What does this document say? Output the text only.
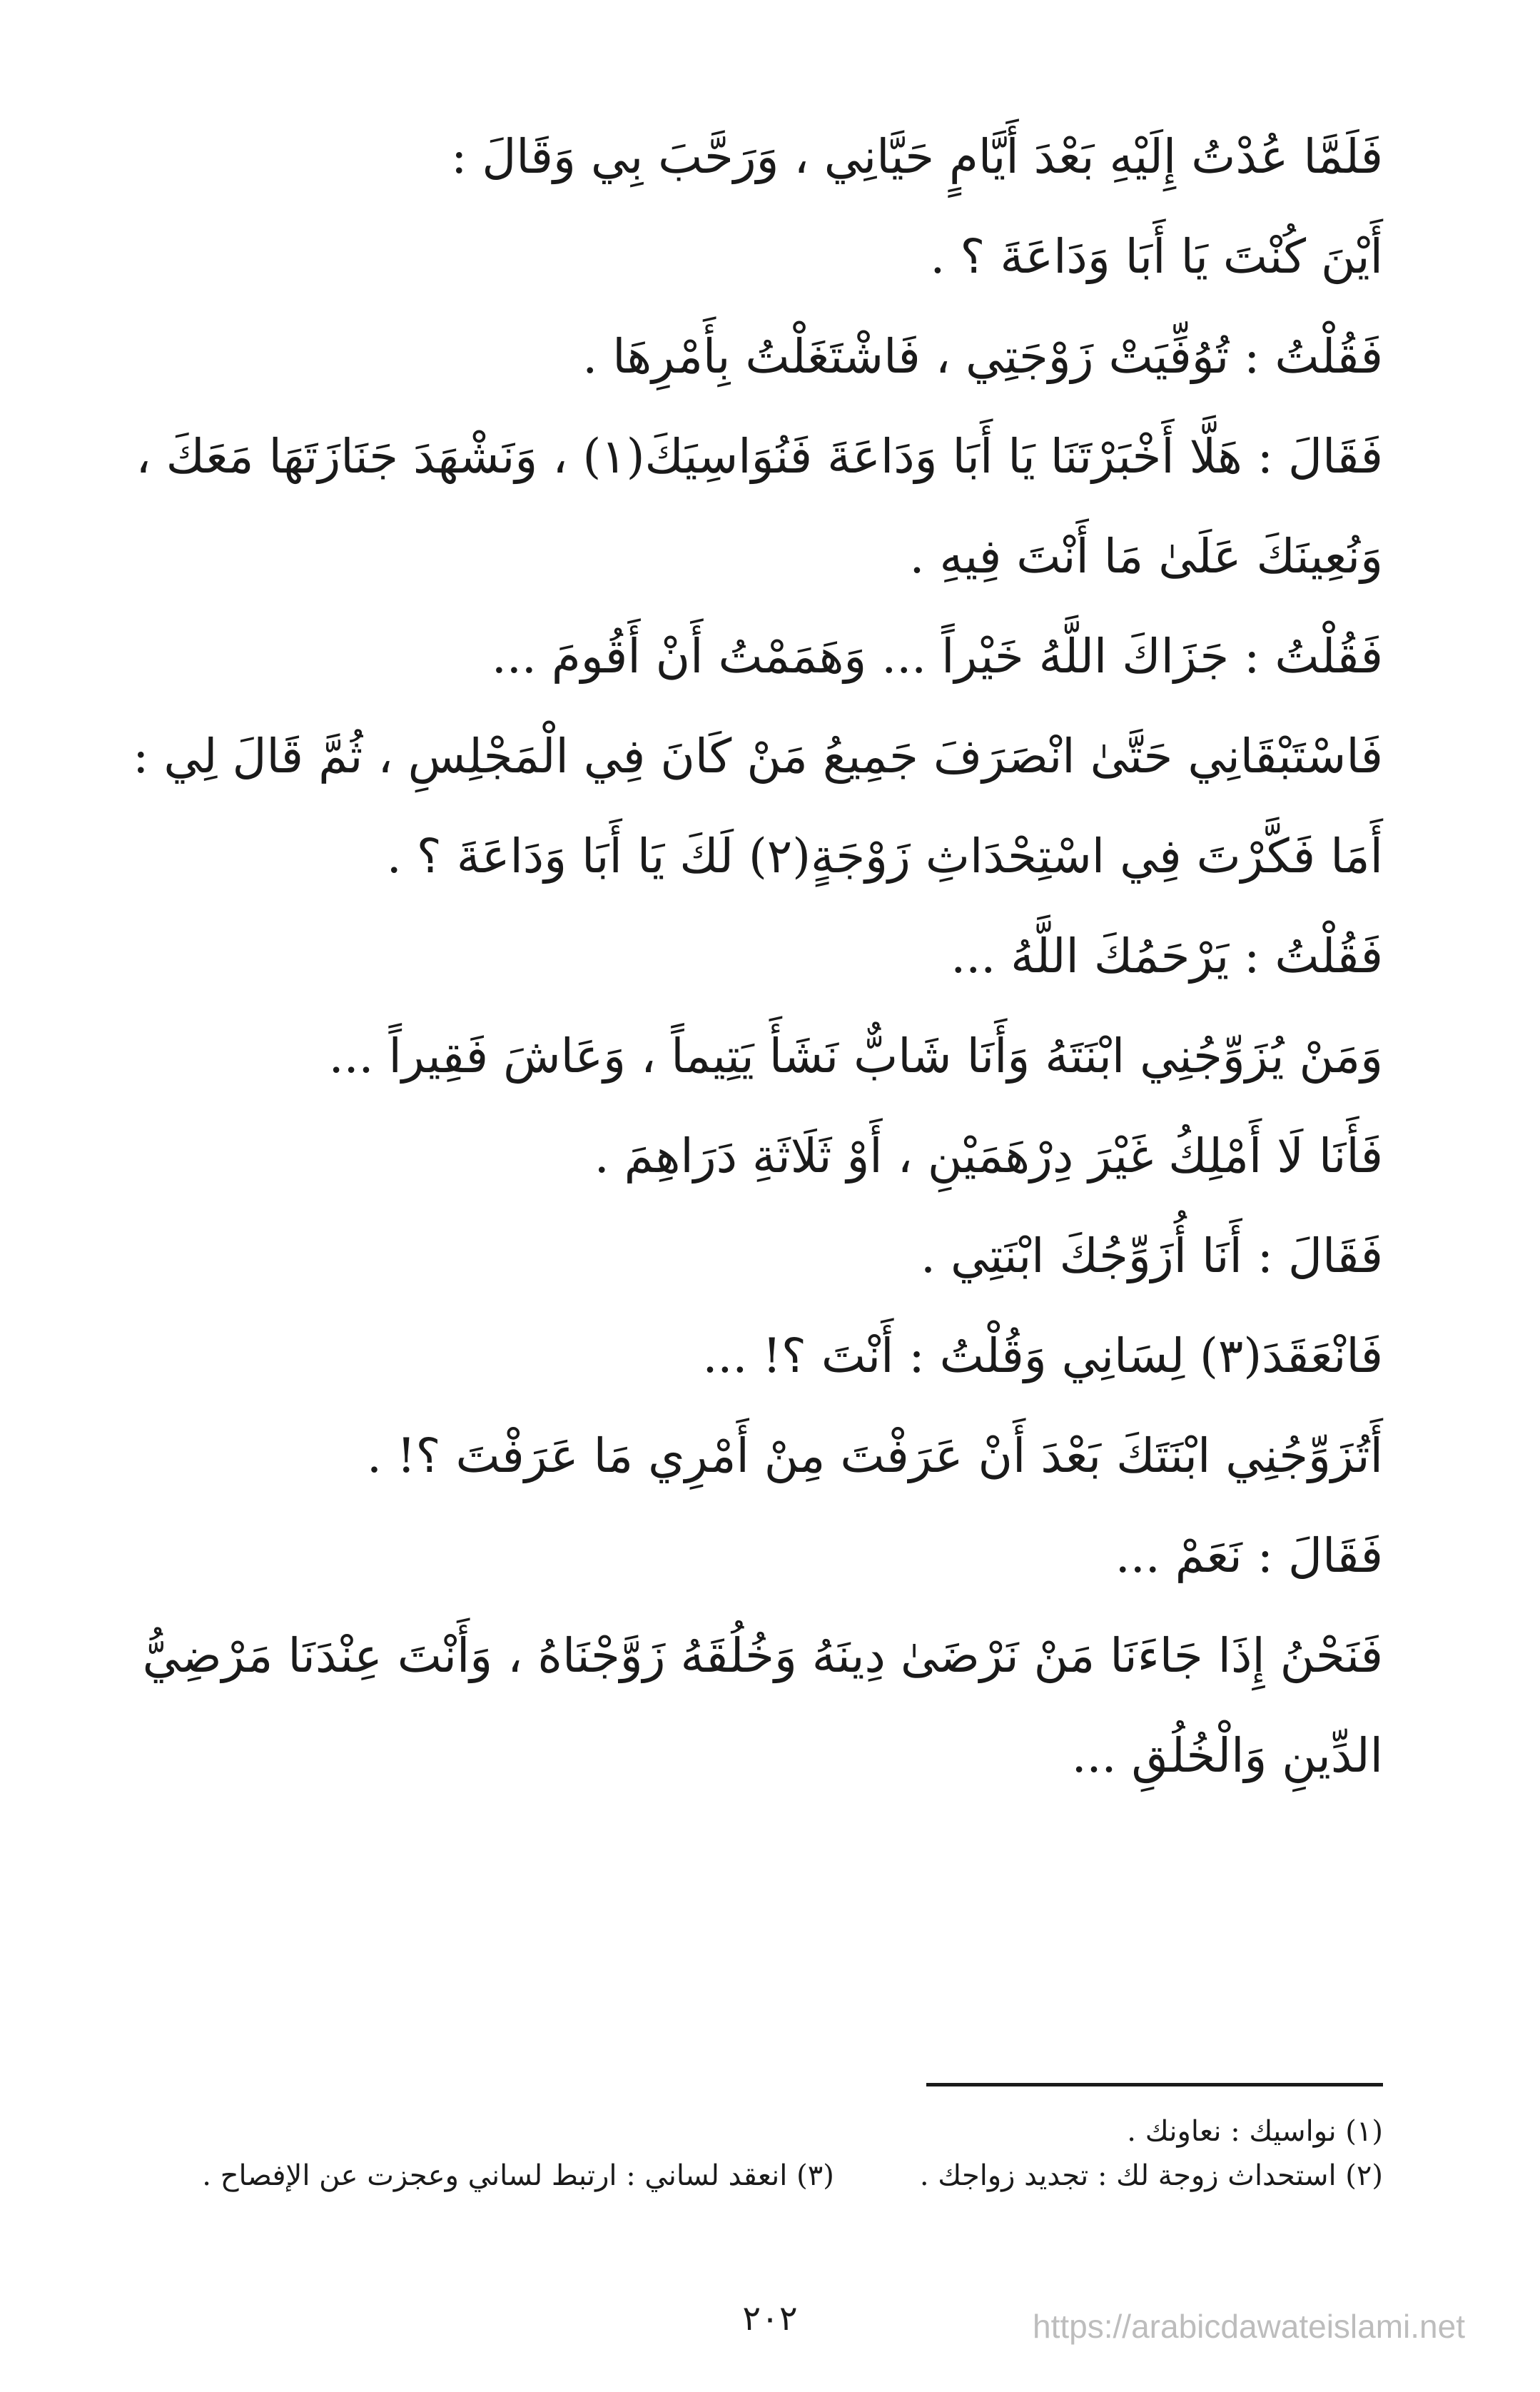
فَلَمَّا عُدْتُ إِلَيْهِ بَعْدَ أَيَّامٍ حَيَّانِي ، وَرَحَّبَ بِي وَقَالَ :

أَيْنَ كُنْتَ يَا أَبَا وَدَاعَةَ ؟ .

فَقُلْتُ : تُوُفِّيَتْ زَوْجَتِي ، فَاشْتَغَلْتُ بِأَمْرِهَا .

فَقَالَ : هَلَّا أَخْبَرْتَنَا يَا أَبَا وَدَاعَةَ فَنُوَاسِيَكَ(١) ، وَنَشْهَدَ جَنَازَتَهَا مَعَكَ ، وَنُعِينَكَ عَلَىٰ مَا أَنْتَ فِيهِ .

فَقُلْتُ : جَزَاكَ اللَّهُ خَيْراً ... وَهَمَمْتُ أَنْ أَقُومَ ...

فَاسْتَبْقَانِي حَتَّىٰ انْصَرَفَ جَمِيعُ مَنْ كَانَ فِي الْمَجْلِسِ ، ثُمَّ قَالَ لِي :

أَمَا فَكَّرْتَ فِي اسْتِحْدَاثِ زَوْجَةٍ(٢) لَكَ يَا أَبَا وَدَاعَةَ ؟ .

فَقُلْتُ : يَرْحَمُكَ اللَّهُ ...

وَمَنْ يُزَوِّجُنِي ابْنَتَهُ وَأَنَا شَابٌّ نَشَأَ يَتِيماً ، وَعَاشَ فَقِيراً ...

فَأَنَا لَا أَمْلِكُ غَيْرَ دِرْهَمَيْنِ ، أَوْ ثَلَاثَةِ دَرَاهِمَ .

فَقَالَ : أَنَا أُزَوِّجُكَ ابْنَتِي .

فَانْعَقَدَ(٣) لِسَانِي وَقُلْتُ : أَنْتَ ؟! ...

أَتُزَوِّجُنِي ابْنَتَكَ بَعْدَ أَنْ عَرَفْتَ مِنْ أَمْرِي مَا عَرَفْتَ ؟! .

فَقَالَ : نَعَمْ ...

فَنَحْنُ إِذَا جَاءَنَا مَنْ نَرْضَىٰ دِينَهُ وَخُلُقَهُ زَوَّجْنَاهُ ، وَأَنْتَ عِنْدَنَا مَرْضِيُّ الدِّينِ وَالْخُلُقِ ...

(١) نواسيك : نعاونك .
(٢) استحداث زوجة لك : تجديد زواجك .
(٣) انعقد لساني : ارتبط لساني وعجزت عن الإفصاح .
٢٠٢	https://arabicdawateislami.net
